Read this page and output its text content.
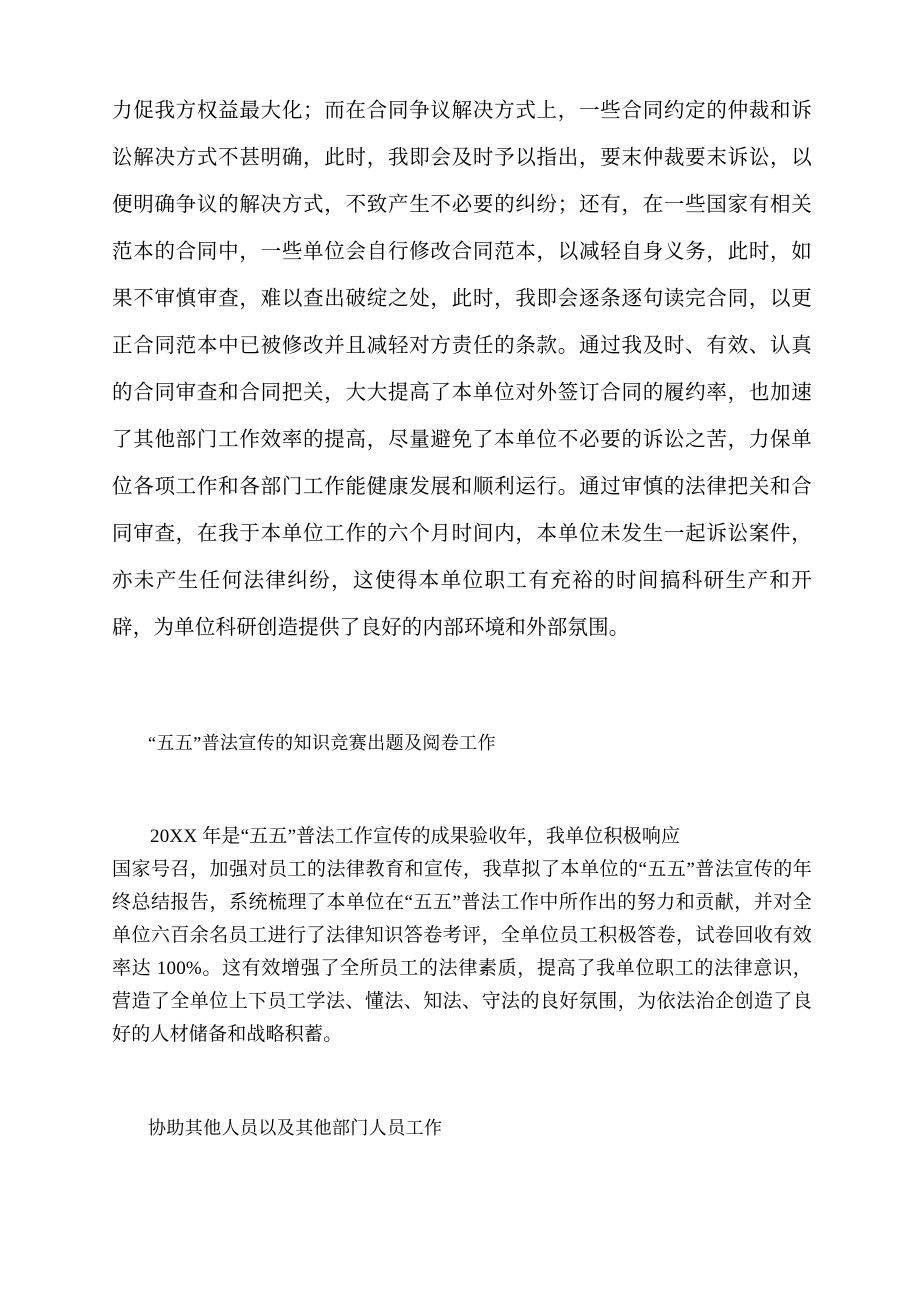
力促我方权益最大化；而在合同争议解决方式上，一些合同约定的仲裁和诉讼解决方式不甚明确，此时，我即会及时予以指出，要末仲裁要末诉讼，以便明确争议的解决方式，不致产生不必要的纠纷；还有，在一些国家有相关范本的合同中，一些单位会自行修改合同范本，以减轻自身义务，此时，如果不审慎审查，难以查出破绽之处，此时，我即会逐条逐句读完合同，以更正合同范本中已被修改并且减轻对方责任的条款。通过我及时、有效、认真的合同审查和合同把关，大大提高了本单位对外签订合同的履约率，也加速了其他部门工作效率的提高，尽量避免了本单位不必要的诉讼之苦，力保单位各项工作和各部门工作能健康发展和顺利运行。通过审慎的法律把关和合同审查，在我于本单位工作的六个月时间内，本单位未发生一起诉讼案件，亦未产生任何法律纠纷，这使得本单位职工有充裕的时间搞科研生产和开辟，为单位科研创造提供了良好的内部环境和外部氛围。

“五五”普法宣传的知识竞赛出题及阅卷工作

20XX 年是“五五”普法工作宣传的成果验收年，我单位积极响应

国家号召，加强对员工的法律教育和宣传，我草拟了本单位的“五五”普法宣传的年终总结报告，系统梳理了本单位在“五五”普法工作中所作出的努力和贡献，并对全单位六百余名员工进行了法律知识答卷考评，全单位员工积极答卷，试卷回收有效率达 100%。这有效增强了全所员工的法律素质，提高了我单位职工的法律意识，营造了全单位上下员工学法、懂法、知法、守法的良好氛围，为依法治企创造了良好的人材储备和战略积蓄。

协助其他人员以及其他部门人员工作
